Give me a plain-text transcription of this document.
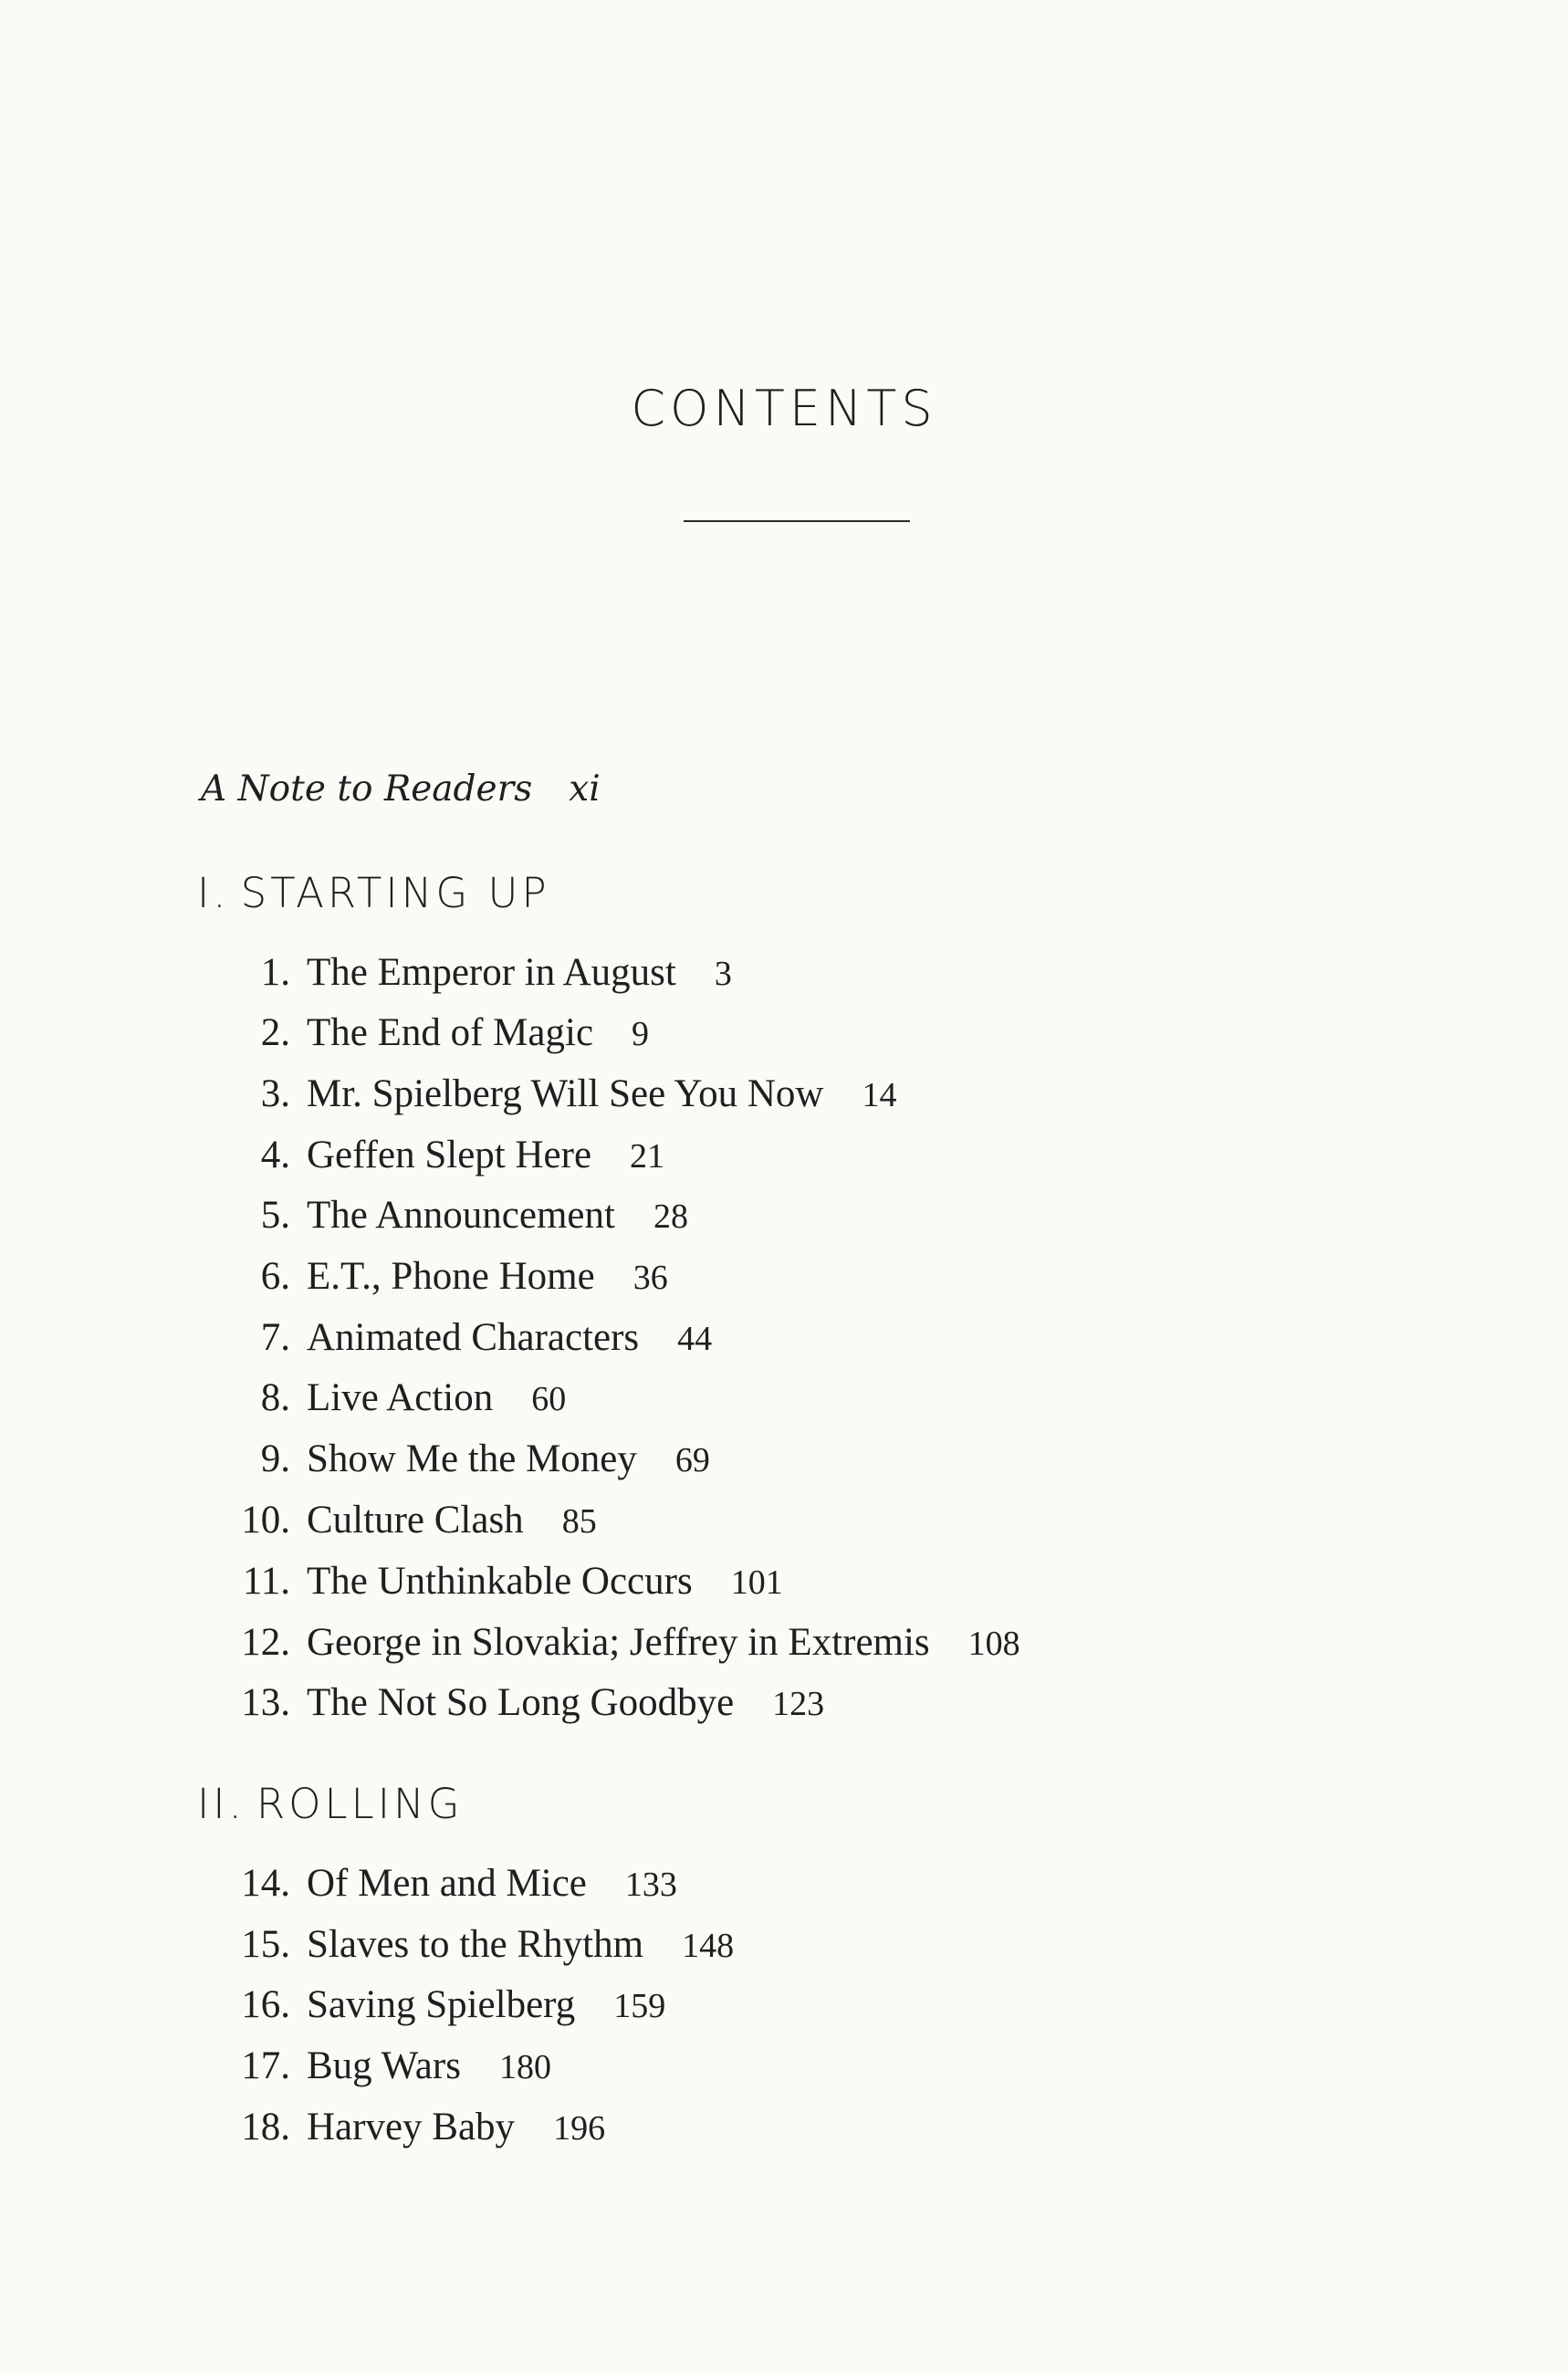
CONTENTS
A Note to Readers xi
I. STARTING UP
1. The Emperor in August 3
2. The End of Magic 9
3. Mr. Spielberg Will See You Now 14
4. Geffen Slept Here 21
5. The Announcement 28
6. E.T., Phone Home 36
7. Animated Characters 44
8. Live Action 60
9. Show Me the Money 69
10. Culture Clash 85
11. The Unthinkable Occurs 101
12. George in Slovakia; Jeffrey in Extremis 108
13. The Not So Long Goodbye 123
II. ROLLING
14. Of Men and Mice 133
15. Slaves to the Rhythm 148
16. Saving Spielberg 159
17. Bug Wars 180
18. Harvey Baby 196
